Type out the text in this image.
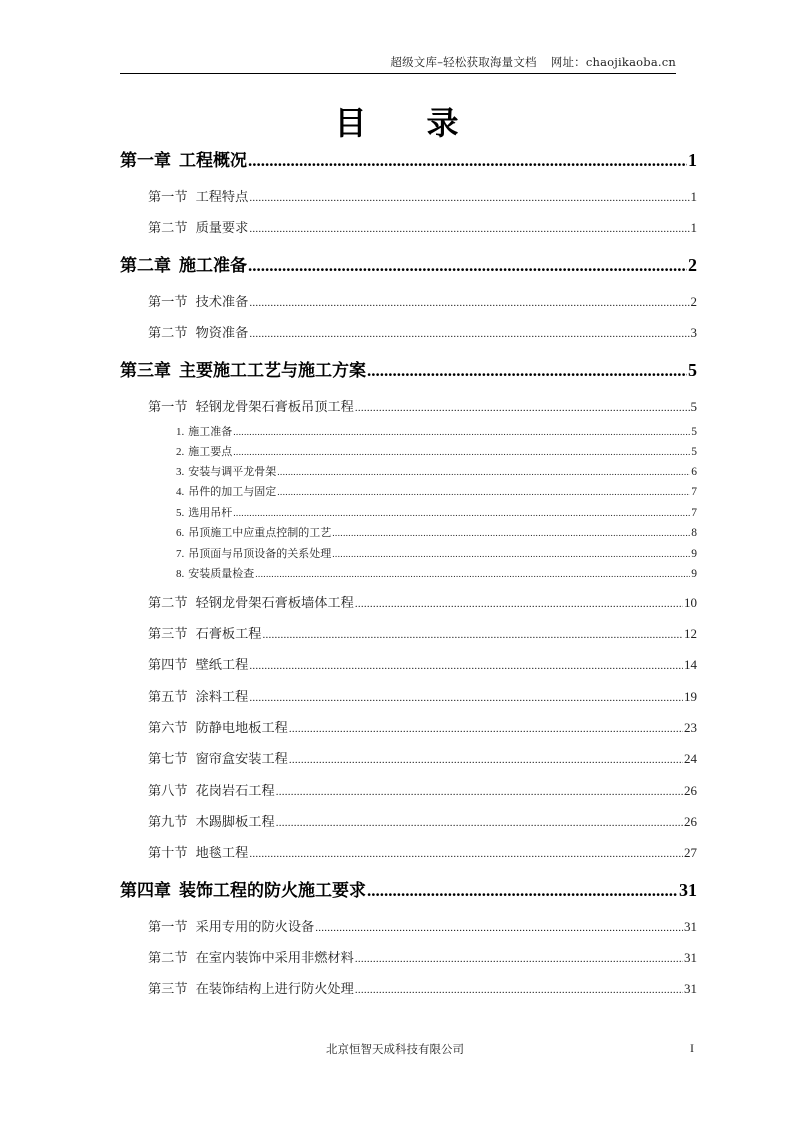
超级文库–轻松获取海量文档 网址：chaojikaoba.cn
目 录
第一章 工程概况 .....	1
第一节 工程特点 .....	1
第二节 质量要求 .....	1
第二章 施工准备 .....	2
第一节 技术准备 .....	2
第二节 物资准备 .....	3
第三章 主要施工工艺与施工方案 .....	5
第一节 轻钢龙骨架石膏板吊顶工程 .....	5
1. 施工准备 .....	5
2. 施工要点 .....	5
3. 安装与调平龙骨架 .....	6
4. 吊件的加工与固定 .....	7
5. 选用吊杆 .....	7
6. 吊顶施工中应重点控制的工艺 .....	8
7. 吊顶面与吊顶设备的关系处理 .....	9
8. 安装质量检查 .....	9
第二节 轻钢龙骨架石膏板墙体工程 .....	10
第三节 石膏板工程 .....	12
第四节 壁纸工程 .....	14
第五节 涂料工程 .....	19
第六节 防静电地板工程 .....	23
第七节 窗帘盒安装工程 .....	24
第八节 花岗岩石工程 .....	26
第九节 木踢脚板工程 .....	26
第十节 地毯工程 .....	27
第四章 装饰工程的防火施工要求 .....	31
第一节 采用专用的防火设备 .....	31
第二节 在室内装饰中采用非燃材料 .....	31
第三节 在装饰结构上进行防火处理 .....	31
北京恒智天成科技有限公司	I
